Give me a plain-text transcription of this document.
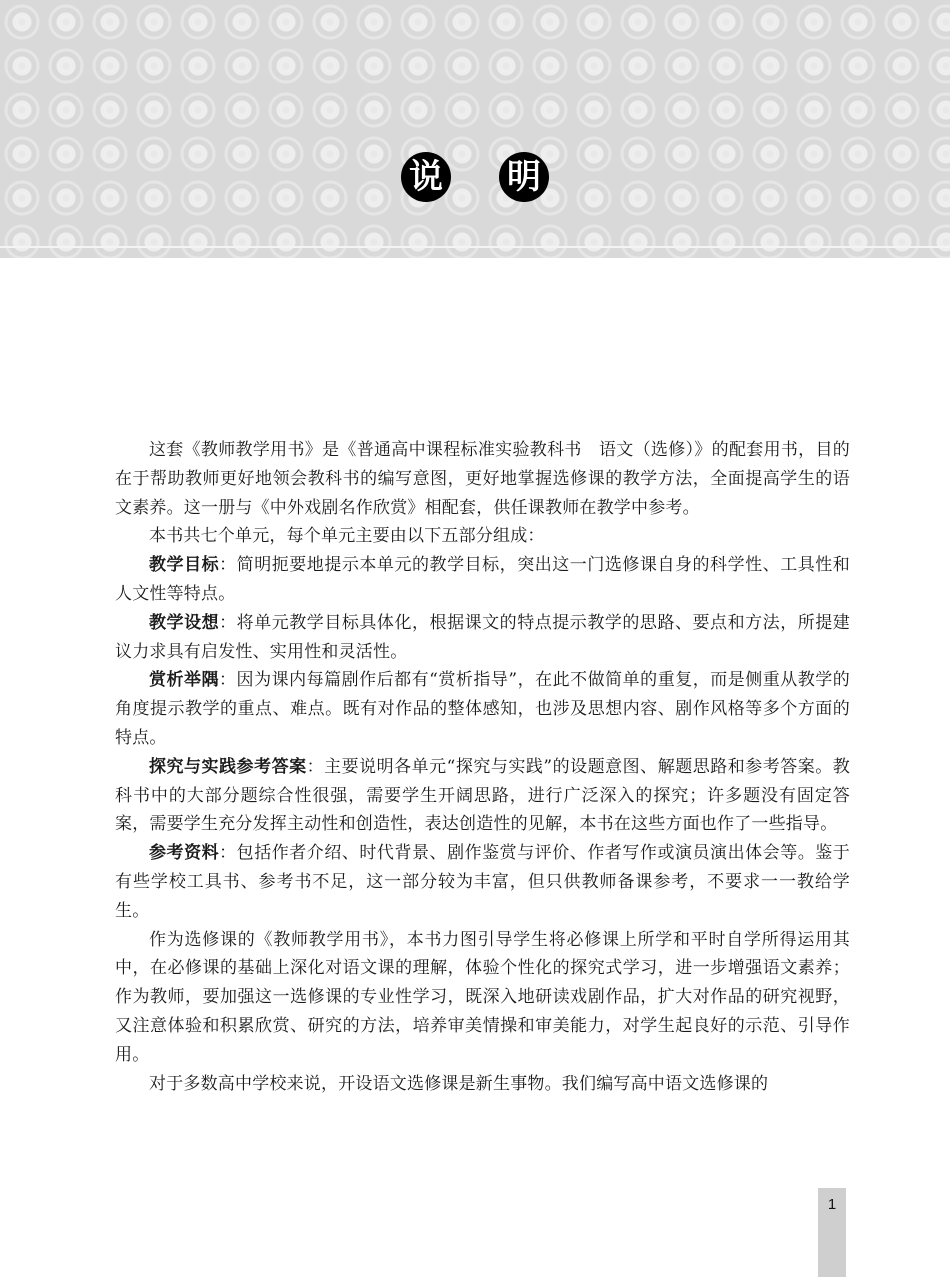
说 明

这套《教师教学用书》是《普通高中课程标准实验教科书　语文（选修）》的配套用书，目的在于帮助教师更好地领会教科书的编写意图，更好地掌握选修课的教学方法，全面提高学生的语文素养。这一册与《中外戏剧名作欣赏》相配套，供任课教师在教学中参考。

本书共七个单元，每个单元主要由以下五部分组成：

教学目标：简明扼要地提示本单元的教学目标，突出这一门选修课自身的科学性、工具性和人文性等特点。

教学设想：将单元教学目标具体化，根据课文的特点提示教学的思路、要点和方法，所提建议力求具有启发性、实用性和灵活性。

赏析举隅：因为课内每篇剧作后都有“赏析指导”，在此不做简单的重复，而是侧重从教学的角度提示教学的重点、难点。既有对作品的整体感知，也涉及思想内容、剧作风格等多个方面的特点。

探究与实践参考答案：主要说明各单元“探究与实践”的设题意图、解题思路和参考答案。教科书中的大部分题综合性很强，需要学生开阔思路，进行广泛深入的探究；许多题没有固定答案，需要学生充分发挥主动性和创造性，表达创造性的见解，本书在这些方面也作了一些指导。

参考资料：包括作者介绍、时代背景、剧作鉴赏与评价、作者写作或演员演出体会等。鉴于有些学校工具书、参考书不足，这一部分较为丰富，但只供教师备课参考，不要求一一教给学生。

作为选修课的《教师教学用书》，本书力图引导学生将必修课上所学和平时自学所得运用其中，在必修课的基础上深化对语文课的理解，体验个性化的探究式学习，进一步增强语文素养；作为教师，要加强这一选修课的专业性学习，既深入地研读戏剧作品，扩大对作品的研究视野，又注意体验和积累欣赏、研究的方法，培养审美情操和审美能力，对学生起良好的示范、引导作用。

对于多数高中学校来说，开设语文选修课是新生事物。我们编写高中语文选修课的

1
